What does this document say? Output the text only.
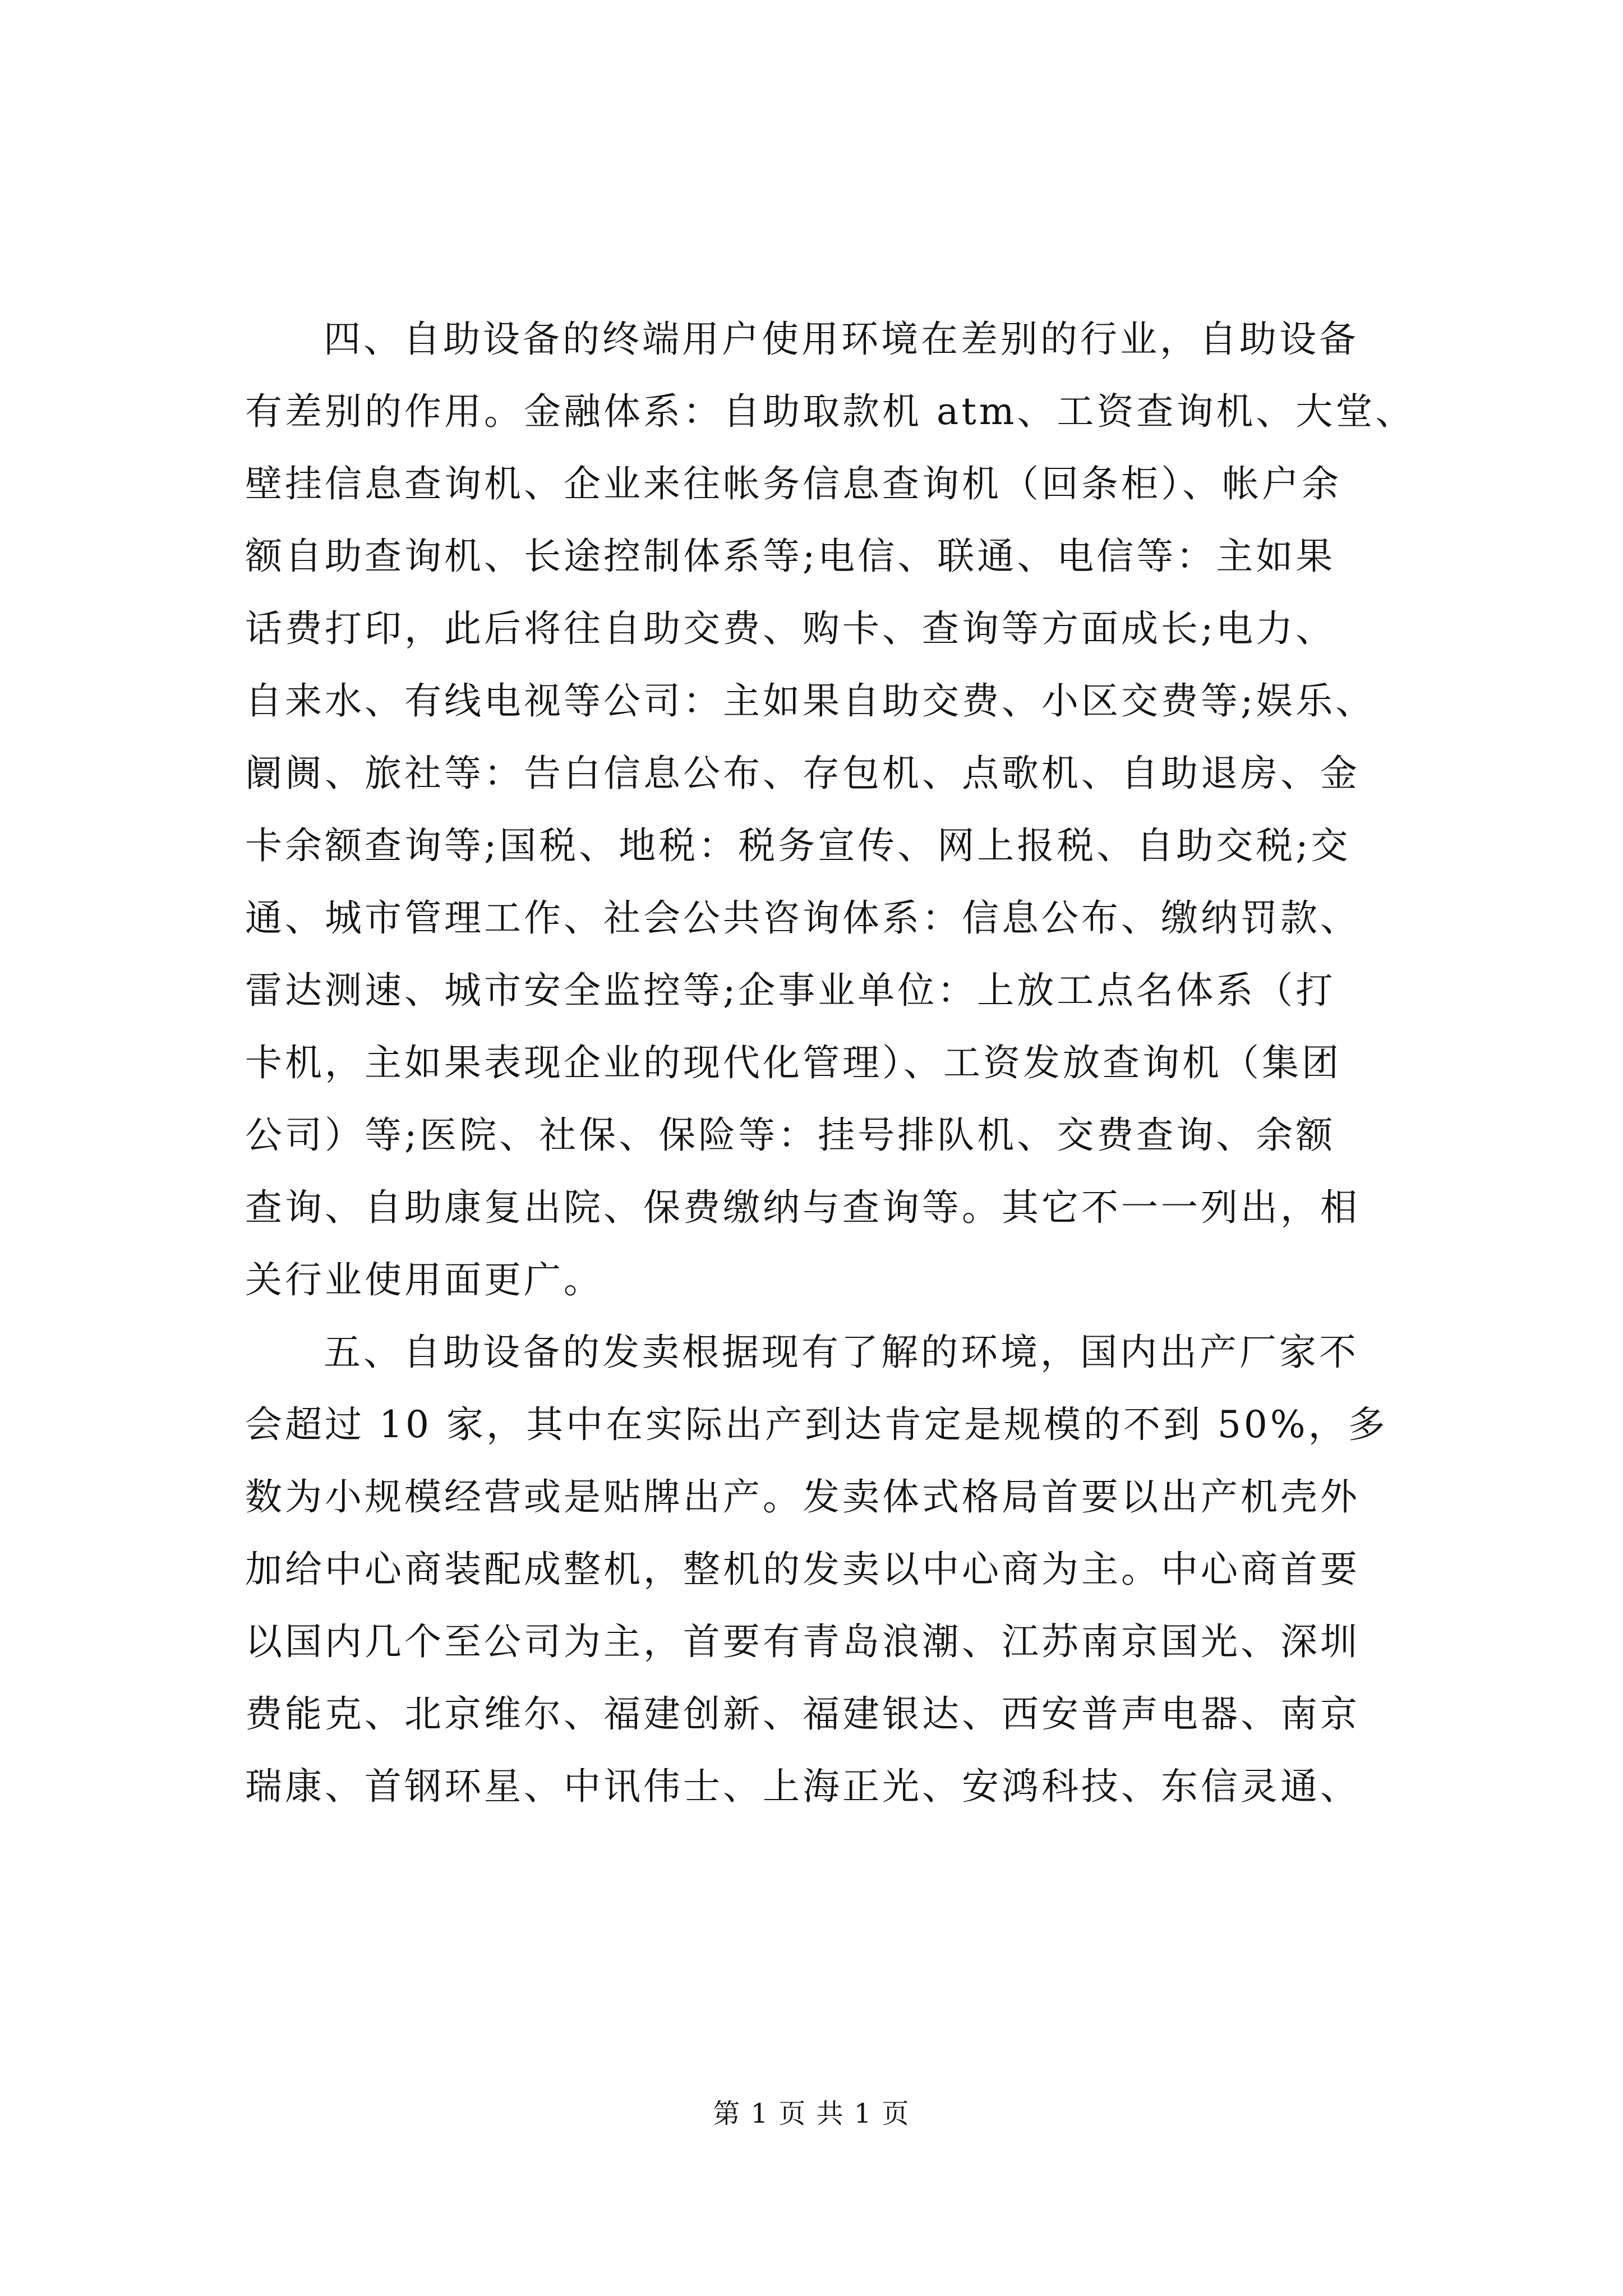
四、自助设备的终端用户使用环境在差别的行业，自助设备
有差别的作用。金融体系：自助取款机 atm、工资查询机、大堂、
壁挂信息查询机、企业来往帐务信息查询机（回条柜）、帐户余
额自助查询机、长途控制体系等;电信、联通、电信等：主如果
话费打印，此后将往自助交费、购卡、查询等方面成长;电力、
自来水、有线电视等公司：主如果自助交费、小区交费等;娱乐、
阛阓、旅社等：告白信息公布、存包机、点歌机、自助退房、金
卡余额查询等;国税、地税：税务宣传、网上报税、自助交税;交
通、城市管理工作、社会公共咨询体系：信息公布、缴纳罚款、
雷达测速、城市安全监控等;企事业单位：上放工点名体系（打
卡机，主如果表现企业的现代化管理）、工资发放查询机（集团
公司）等;医院、社保、保险等：挂号排队机、交费查询、余额
查询、自助康复出院、保费缴纳与查询等。其它不一一列出，相
关行业使用面更广。
五、自助设备的发卖根据现有了解的环境，国内出产厂家不
会超过 10 家，其中在实际出产到达肯定是规模的不到 50%，多
数为小规模经营或是贴牌出产。发卖体式格局首要以出产机壳外
加给中心商装配成整机，整机的发卖以中心商为主。中心商首要
以国内几个至公司为主，首要有青岛浪潮、江苏南京国光、深圳
费能克、北京维尔、福建创新、福建银达、西安普声电器、南京
瑞康、首钢环星、中讯伟士、上海正光、安鸿科技、东信灵通、
第 1 页 共 1 页
